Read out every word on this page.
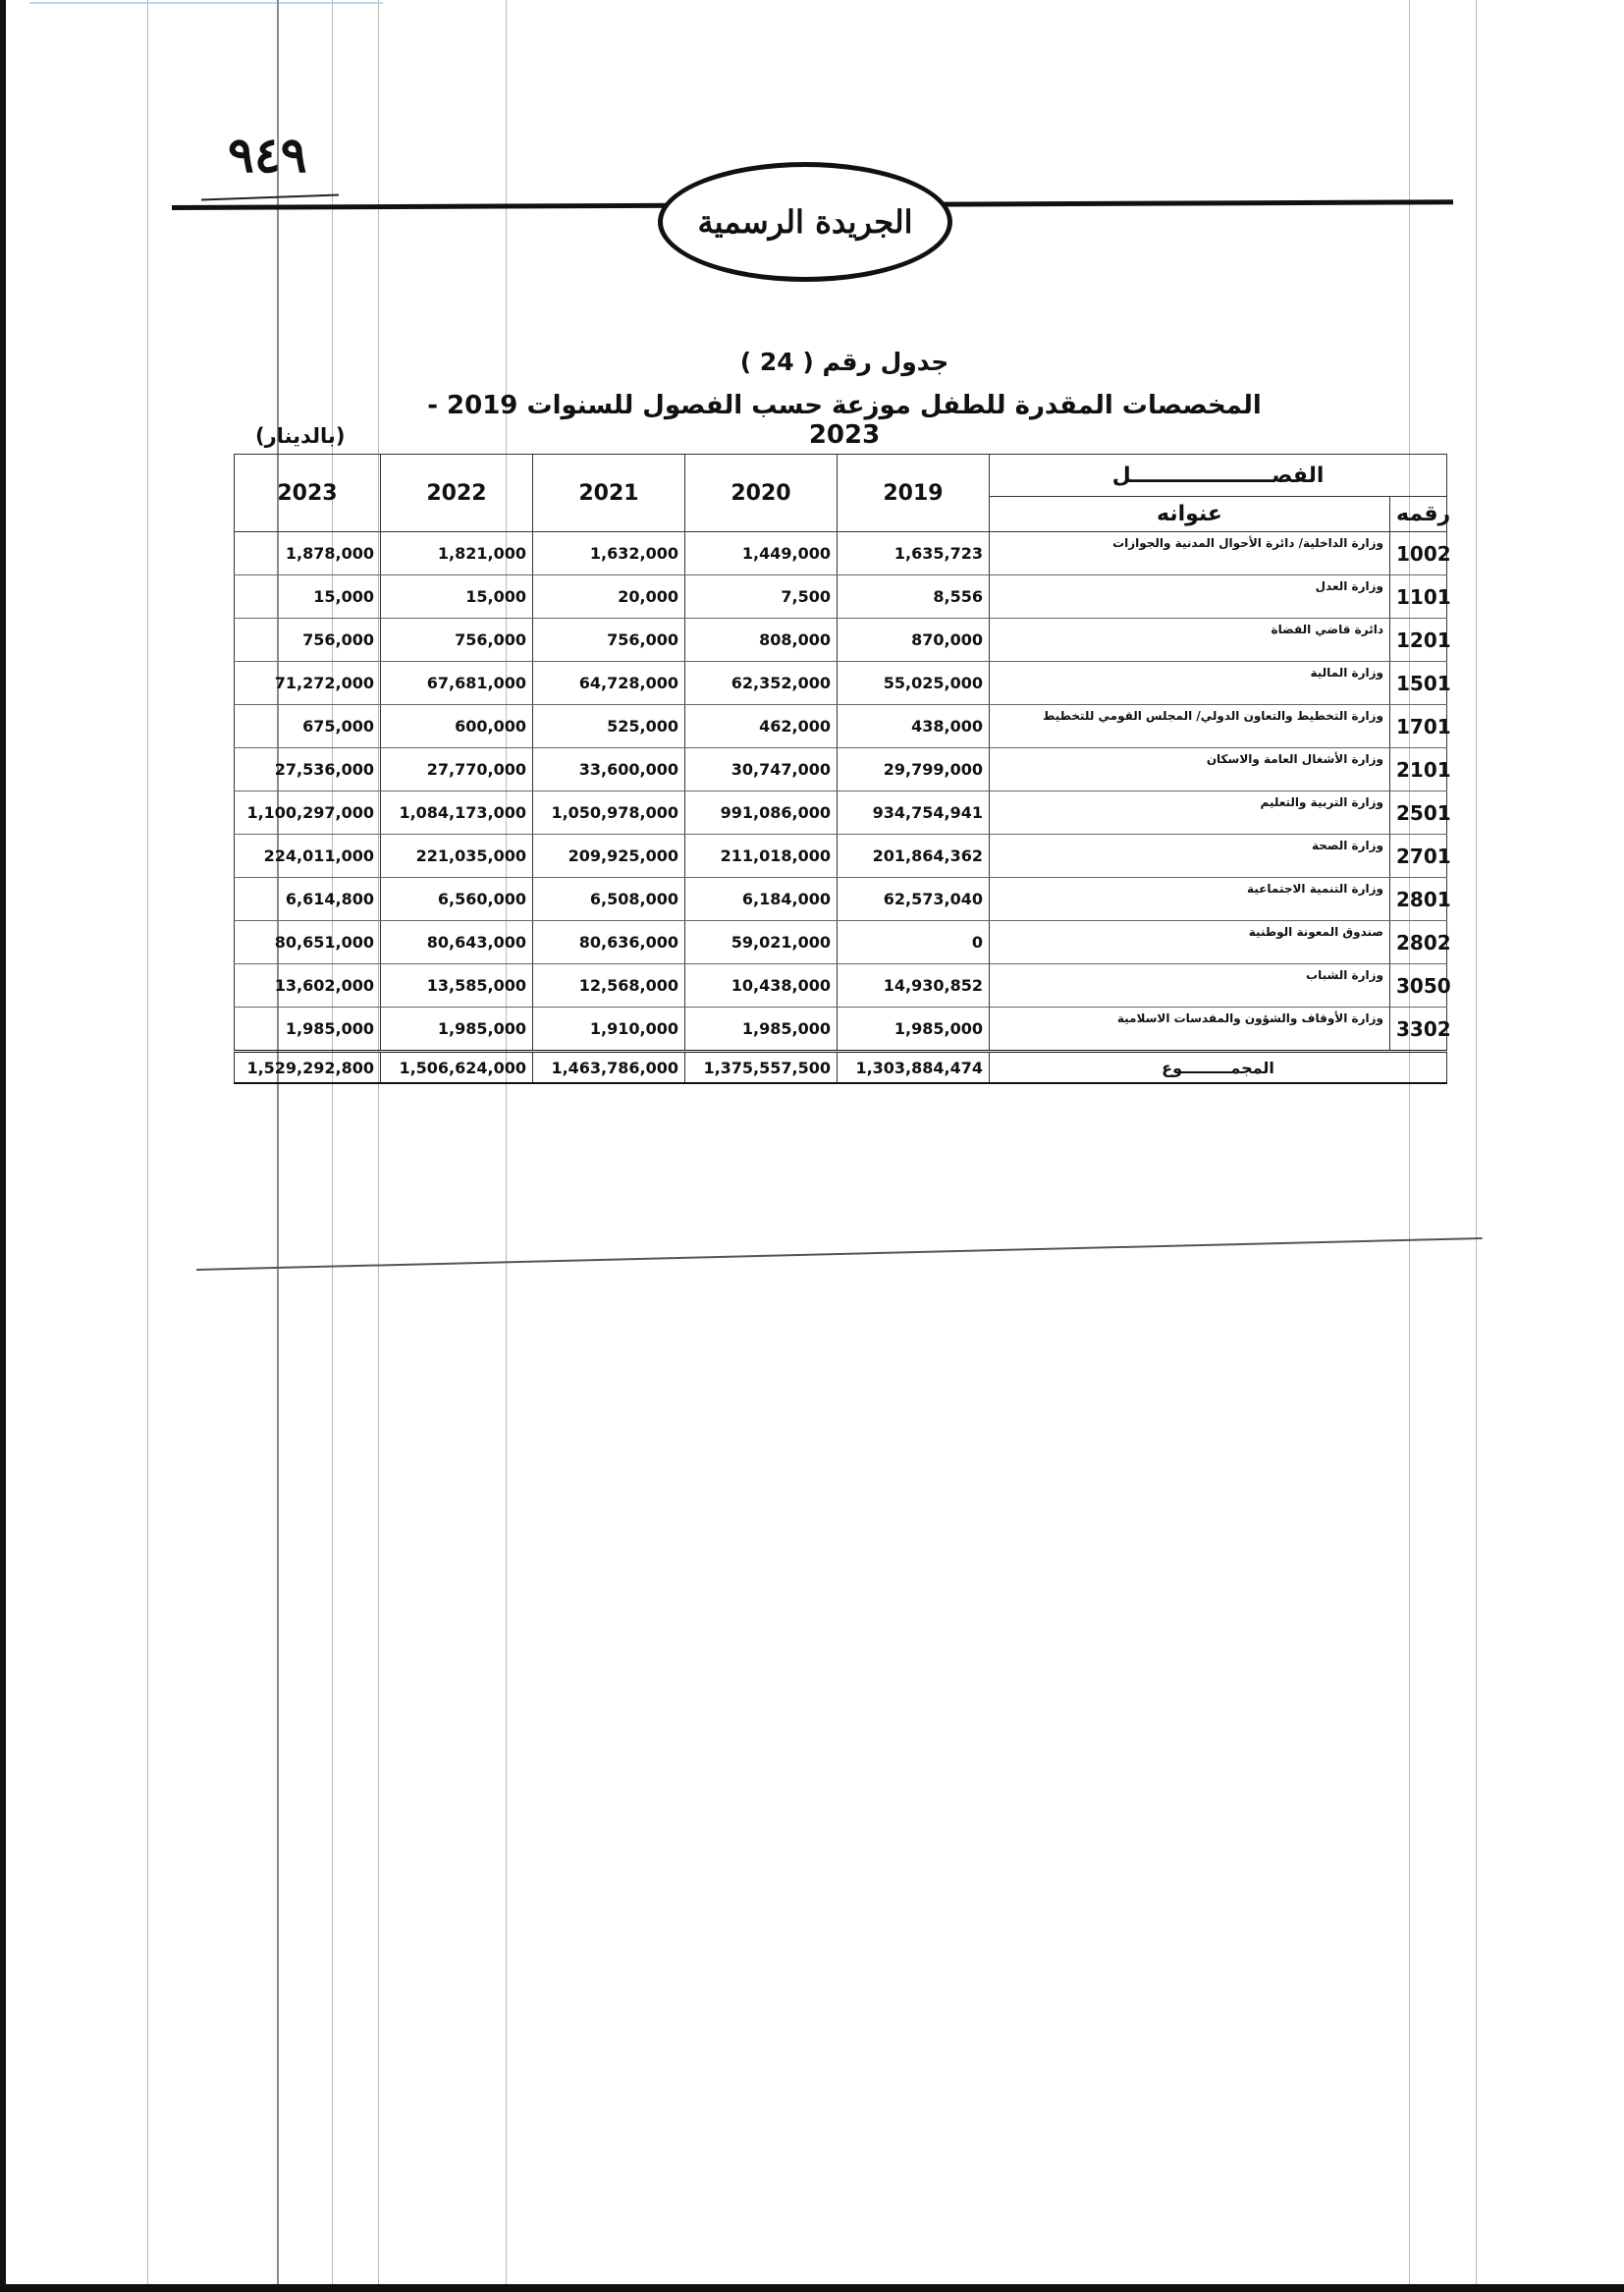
٩٤٩
الجريدة الرسمية
جدول رقم ( 24 )
المخصصات المقدرة للطفل موزعة حسب الفصول للسنوات 2019 - 2023
(بالدينار)
2023	2022	2021	2020	2019	الفصـــــــــــــــــــل	
					عنوانه	رقمه
1,878,000	1,821,000	1,632,000	1,449,000	1,635,723	وزارة الداخلية/ دائرة الأحوال المدنية والجوازات	1002
15,000	15,000	20,000	7,500	8,556	وزارة العدل	1101
756,000	756,000	756,000	808,000	870,000	دائرة قاضي القضاة	1201
71,272,000	67,681,000	64,728,000	62,352,000	55,025,000	وزارة المالية	1501
675,000	600,000	525,000	462,000	438,000	وزارة التخطيط والتعاون الدولي/ المجلس القومي للتخطيط	1701
27,536,000	27,770,000	33,600,000	30,747,000	29,799,000	وزارة الأشغال العامة والاسكان	2101
1,100,297,000	1,084,173,000	1,050,978,000	991,086,000	934,754,941	وزارة التربية والتعليم	2501
224,011,000	221,035,000	209,925,000	211,018,000	201,864,362	وزارة الصحة	2701
6,614,800	6,560,000	6,508,000	6,184,000	62,573,040	وزارة التنمية الاجتماعية	2801
80,651,000	80,643,000	80,636,000	59,021,000	0	صندوق المعونة الوطنية	2802
13,602,000	13,585,000	12,568,000	10,438,000	14,930,852	وزارة الشباب	3050
1,985,000	1,985,000	1,910,000	1,985,000	1,985,000	وزارة الأوقاف والشؤون والمقدسات الاسلامية	3302
1,529,292,800	1,506,624,000	1,463,786,000	1,375,557,500	1,303,884,474	المجمـــــــــوع	
